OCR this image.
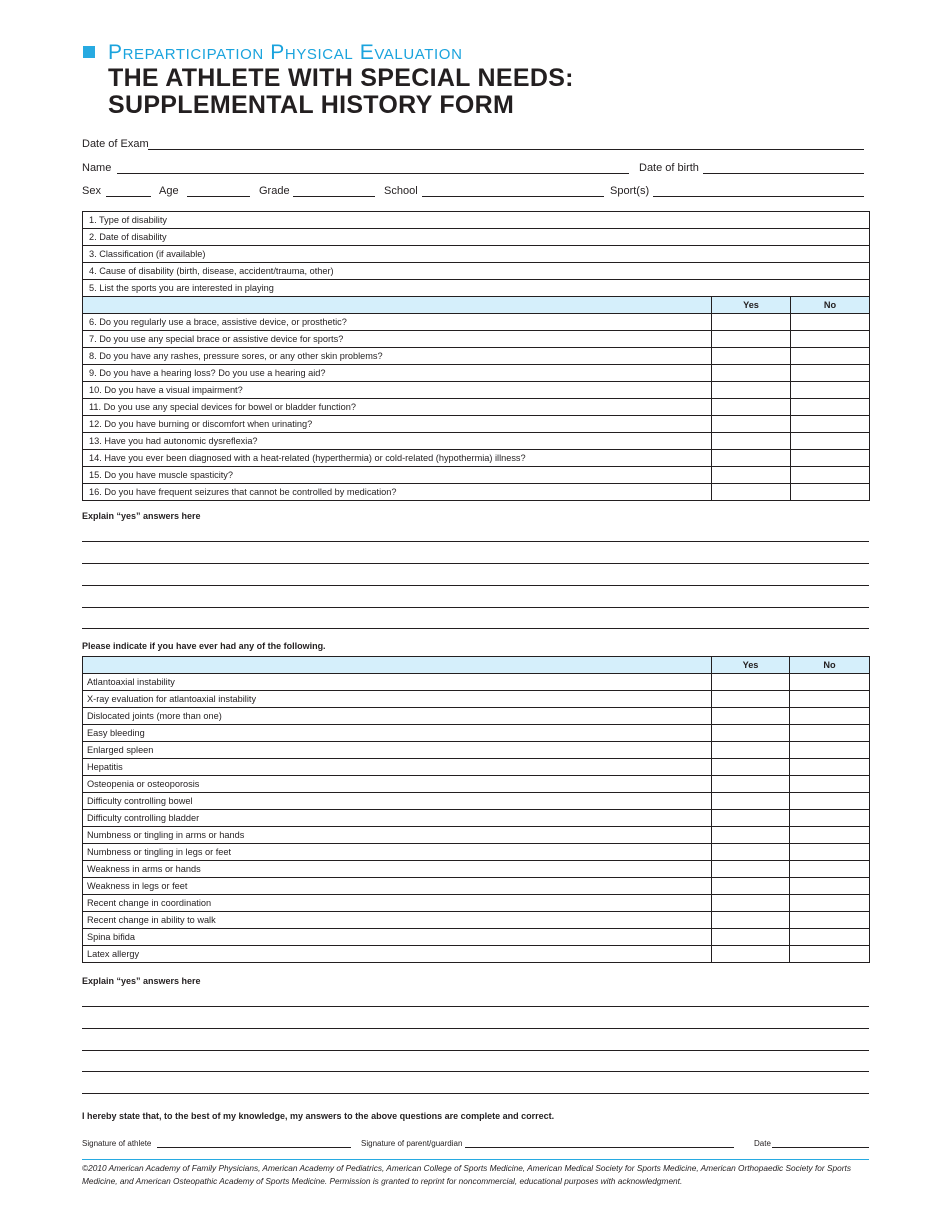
Preparticipation Physical Evaluation
THE ATHLETE WITH SPECIAL NEEDS:
SUPPLEMENTAL HISTORY FORM
Date of Exam
Name	Date of birth
Sex	Age	Grade	School	Sport(s)
1. Type of disability		
2. Date of disability		
3. Classification (if available)		
4. Cause of disability (birth, disease, accident/trauma, other)		
5. List the sports you are interested in playing		
	Yes	No
6. Do you regularly use a brace, assistive device, or prosthetic?		
7. Do you use any special brace or assistive device for sports?		
8. Do you have any rashes, pressure sores, or any other skin problems?		
9. Do you have a hearing loss? Do you use a hearing aid?		
10. Do you have a visual impairment?		
11. Do you use any special devices for bowel or bladder function?		
12. Do you have burning or discomfort when urinating?		
13. Have you had autonomic dysreflexia?		
14. Have you ever been diagnosed with a heat-related (hyperthermia) or cold-related (hypothermia) illness?		
15. Do you have muscle spasticity?		
16. Do you have frequent seizures that cannot be controlled by medication?		
Explain “yes” answers here
Please indicate if you have ever had any of the following.
	Yes	No
Atlantoaxial instability		
X-ray evaluation for atlantoaxial instability		
Dislocated joints (more than one)		
Easy bleeding		
Enlarged spleen		
Hepatitis		
Osteopenia or osteoporosis		
Difficulty controlling bowel		
Difficulty controlling bladder		
Numbness or tingling in arms or hands		
Numbness or tingling in legs or feet		
Weakness in arms or hands		
Weakness in legs or feet		
Recent change in coordination		
Recent change in ability to walk		
Spina bifida		
Latex allergy		
Explain “yes” answers here
I hereby state that, to the best of my knowledge, my answers to the above questions are complete and correct.
Signature of athlete	Signature of parent/guardian	Date
©2010 American Academy of Family Physicians, American Academy of Pediatrics, American College of Sports Medicine, American Medical Society for Sports Medicine, American Orthopaedic Society for Sports Medicine, and American Osteopathic Academy of Sports Medicine. Permission is granted to reprint for noncommercial, educational purposes with acknowledgment.
